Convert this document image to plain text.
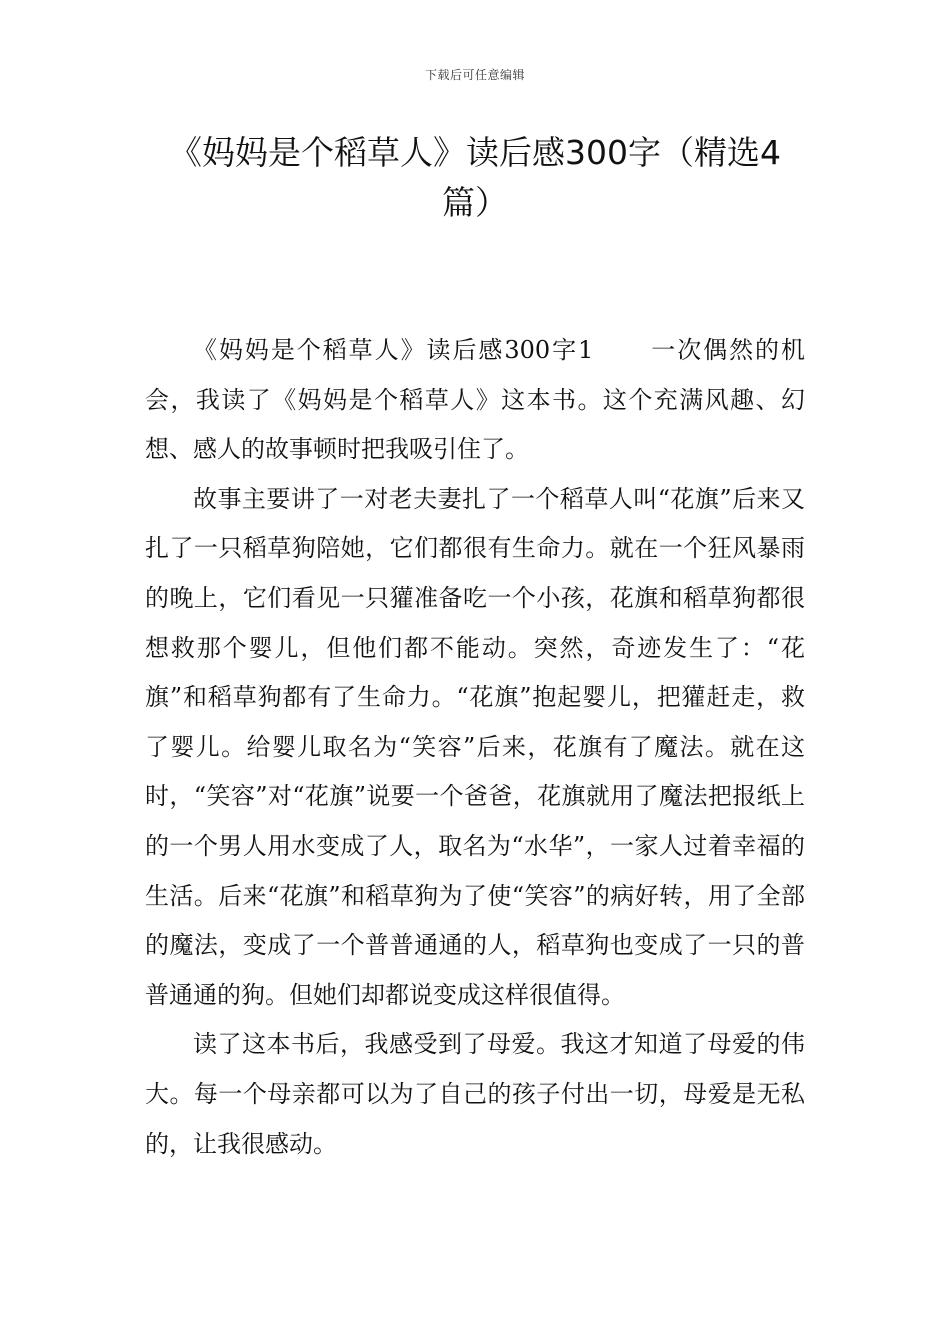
下载后可任意编辑
《妈妈是个稻草人》读后感300字（精选4篇）

《妈妈是个稻草人》读后感300字1 一次偶然的机会，我读了《妈妈是个稻草人》这本书。这个充满风趣、幻想、感人的故事顿时把我吸引住了。

故事主要讲了一对老夫妻扎了一个稻草人叫“花旗”后来又扎了一只稻草狗陪她，它们都很有生命力。就在一个狂风暴雨的晚上，它们看见一只獾准备吃一个小孩，花旗和稻草狗都很想救那个婴儿，但他们都不能动。突然，奇迹发生了：“花旗”和稻草狗都有了生命力。“花旗”抱起婴儿，把獾赶走，救了婴儿。给婴儿取名为“笑容”后来，花旗有了魔法。就在这时，“笑容”对“花旗”说要一个爸爸，花旗就用了魔法把报纸上的一个男人用水变成了人，取名为“水华”，一家人过着幸福的生活。后来“花旗”和稻草狗为了使“笑容”的病好转，用了全部的魔法，变成了一个普普通通的人，稻草狗也变成了一只的普普通通的狗。但她们却都说变成这样很值得。

读了这本书后，我感受到了母爱。我这才知道了母爱的伟大。每一个母亲都可以为了自己的孩子付出一切，母爱是无私的，让我很感动。
